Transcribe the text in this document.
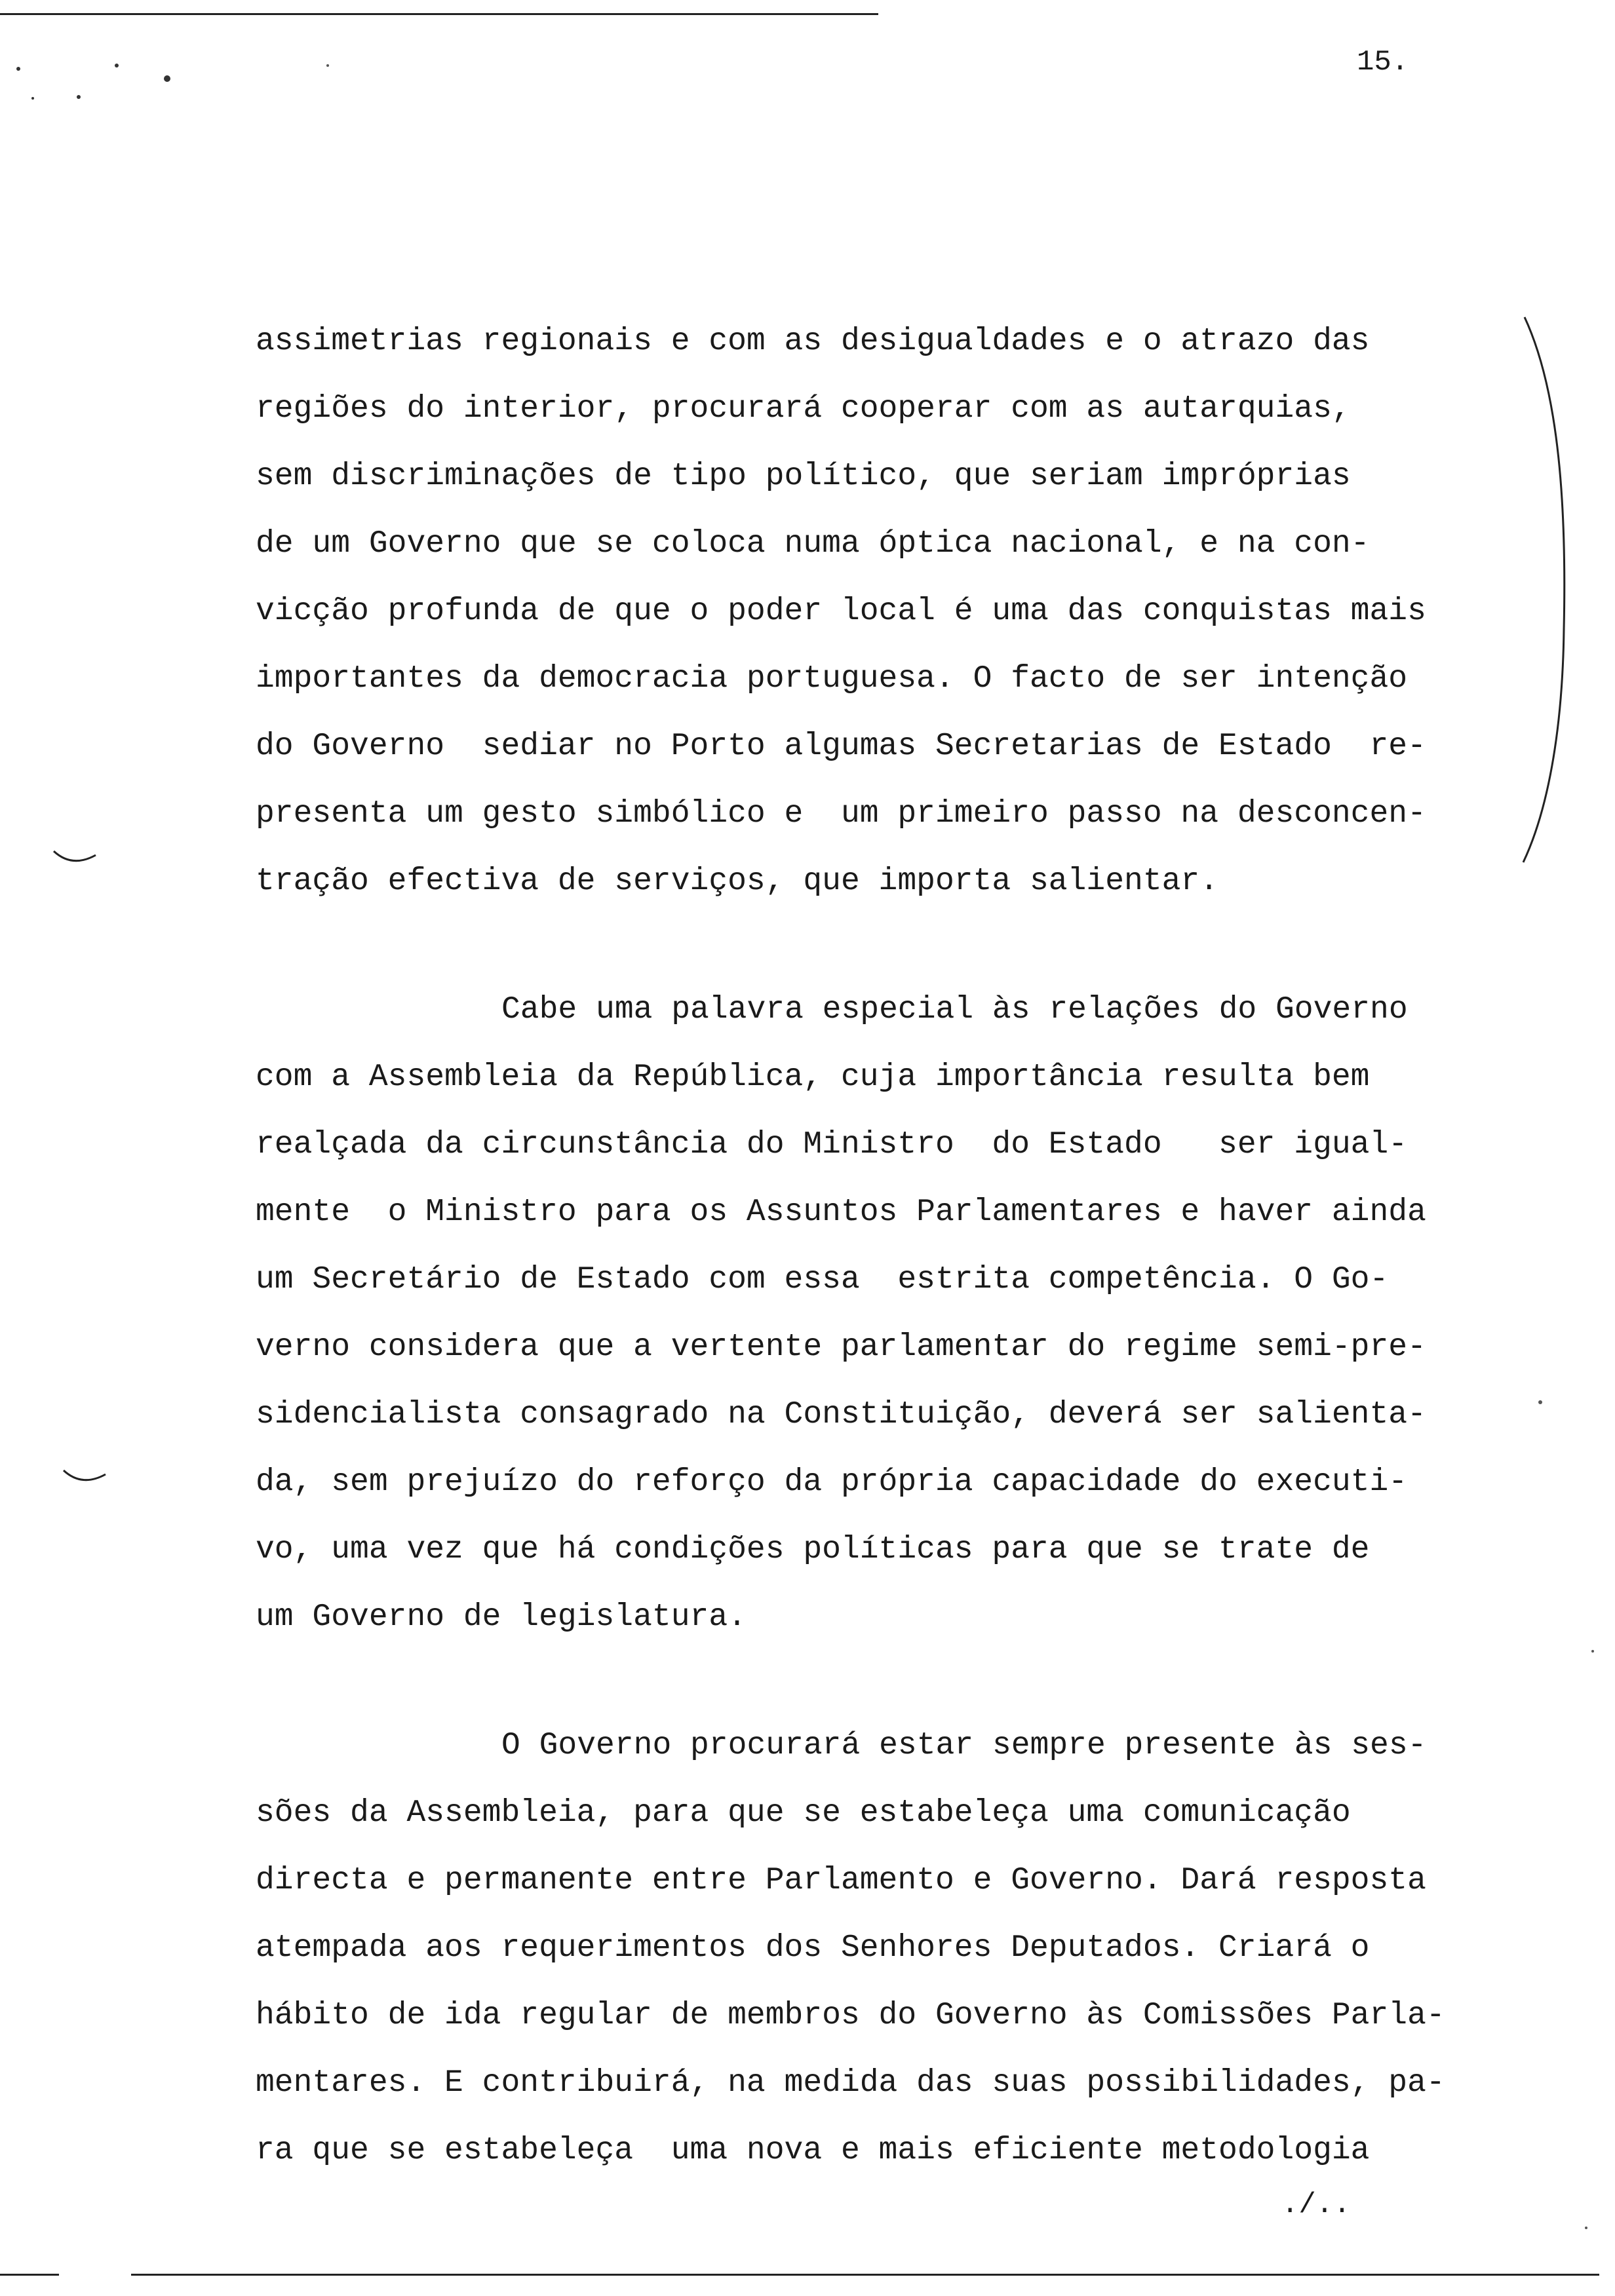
15.
assimetrias regionais e com as desigualdades e o atrazo das
regiões do interior, procurará cooperar com as autarquias,
sem discriminações de tipo político, que seriam impróprias
de um Governo que se coloca numa óptica nacional, e na con-
vicção profunda de que o poder local é uma das conquistas mais
importantes da democracia portuguesa. O facto de ser intenção
do Governo  sediar no Porto algumas Secretarias de Estado  re-
presenta um gesto simbólico e  um primeiro passo na desconcen-
tração efectiva de serviços, que importa salientar.
Cabe uma palavra especial às relações do Governo
com a Assembleia da República, cuja importância resulta bem
realçada da circunstância do Ministro  do Estado   ser igual-
mente  o Ministro para os Assuntos Parlamentares e haver ainda
um Secretário de Estado com essa  estrita competência. O Go-
verno considera que a vertente parlamentar do regime semi-pre-
sidencialista consagrado na Constituição, deverá ser salienta-
da, sem prejuízo do reforço da própria capacidade do executi-
vo, uma vez que há condições políticas para que se trate de
um Governo de legislatura.
O Governo procurará estar sempre presente às ses-
sões da Assembleia, para que se estabeleça uma comunicação
directa e permanente entre Parlamento e Governo. Dará resposta
atempada aos requerimentos dos Senhores Deputados. Criará o
hábito de ida regular de membros do Governo às Comissões Parla-
mentares. E contribuirá, na medida das suas possibilidades, pa-
ra que se estabeleça  uma nova e mais eficiente metodologia
./..
